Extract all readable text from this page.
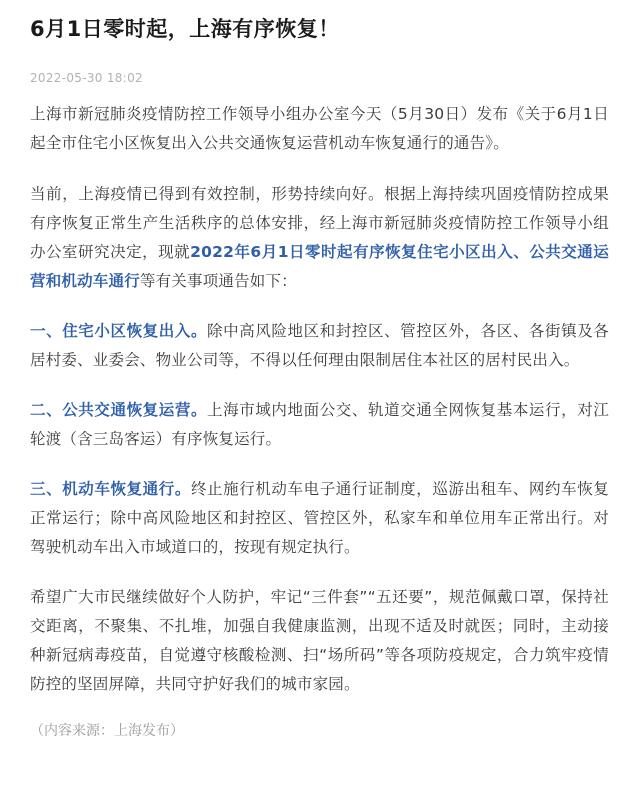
6月1日零时起，上海有序恢复！
2022-05-30 18:02

上海市新冠肺炎疫情防控工作领导小组办公室今天（5月30日）发布《关于6月1日起全市住宅小区恢复出入公共交通恢复运营机动车恢复通行的通告》。

当前，上海疫情已得到有效控制，形势持续向好。根据上海持续巩固疫情防控成果有序恢复正常生产生活秩序的总体安排，经上海市新冠肺炎疫情防控工作领导小组办公室研究决定，现就2022年6月1日零时起有序恢复住宅小区出入、公共交通运营和机动车通行等有关事项通告如下：

一、住宅小区恢复出入。除中高风险地区和封控区、管控区外，各区、各街镇及各居村委、业委会、物业公司等，不得以任何理由限制居住本社区的居村民出入。

二、公共交通恢复运营。上海市域内地面公交、轨道交通全网恢复基本运行，对江轮渡（含三岛客运）有序恢复运行。

三、机动车恢复通行。终止施行机动车电子通行证制度，巡游出租车、网约车恢复正常运行；除中高风险地区和封控区、管控区外，私家车和单位用车正常出行。对驾驶机动车出入市域道口的，按现有规定执行。

希望广大市民继续做好个人防护，牢记“三件套”“五还要”，规范佩戴口罩，保持社交距离，不聚集、不扎堆，加强自我健康监测，出现不适及时就医；同时，主动接种新冠病毒疫苗，自觉遵守核酸检测、扫“场所码”等各项防疫规定，合力筑牢疫情防控的坚固屏障，共同守护好我们的城市家园。

（内容来源：上海发布）
